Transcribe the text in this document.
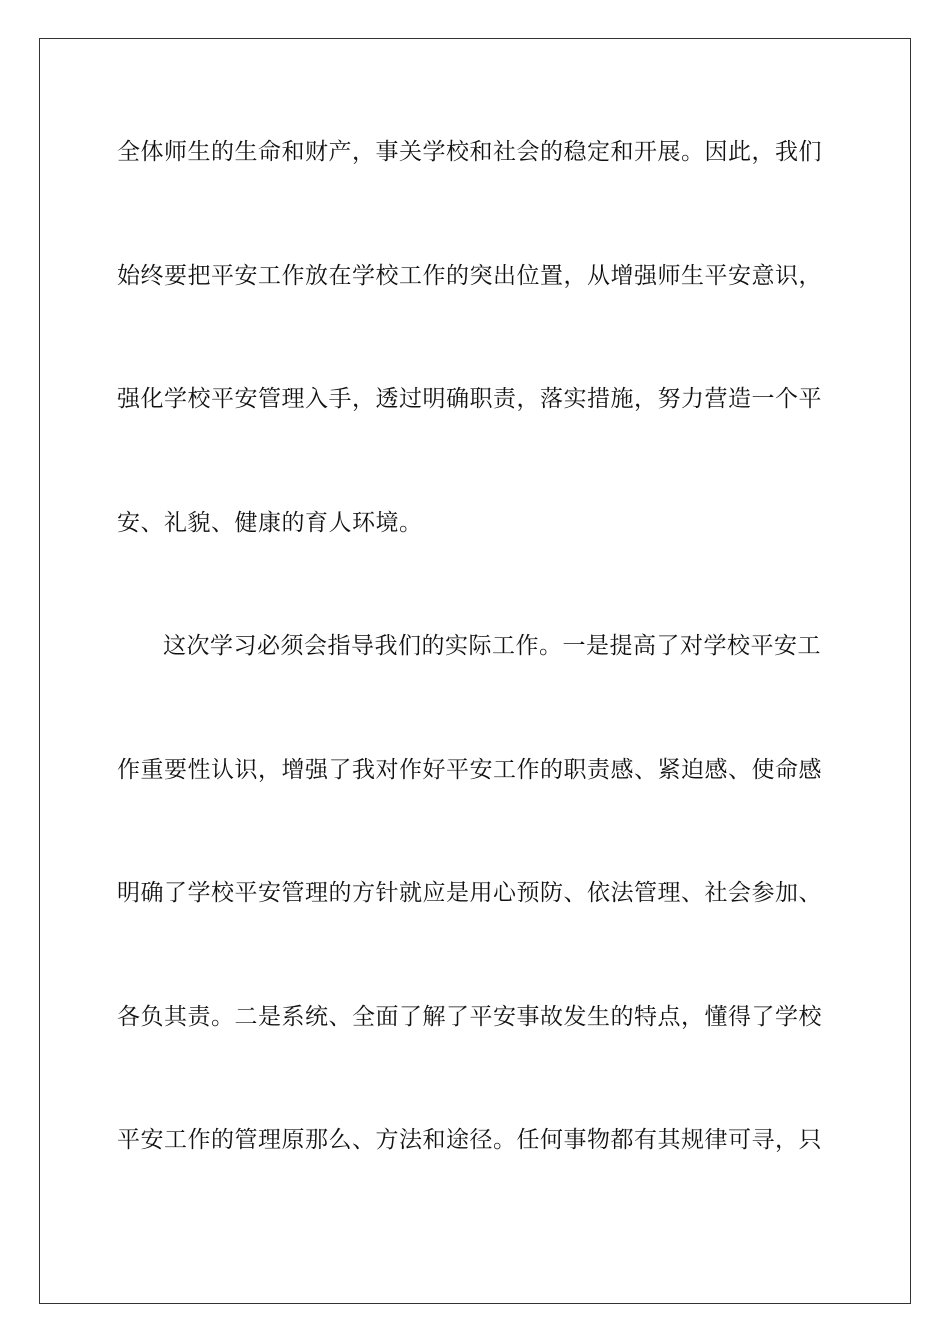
全体师生的生命和财产，事关学校和社会的稳定和开展。因此，我们
始终要把平安工作放在学校工作的突出位置，从增强师生平安意识，
强化学校平安管理入手，透过明确职责，落实措施，努力营造一个平
安、礼貌、健康的育人环境。
这次学习必须会指导我们的实际工作。一是提高了对学校平安工
作重要性认识，增强了我对作好平安工作的职责感、紧迫感、使命感
明确了学校平安管理的方针就应是用心预防、依法管理、社会参加、
各负其责。二是系统、全面了解了平安事故发生的特点，懂得了学校
平安工作的管理原那么、方法和途径。任何事物都有其规律可寻，只
